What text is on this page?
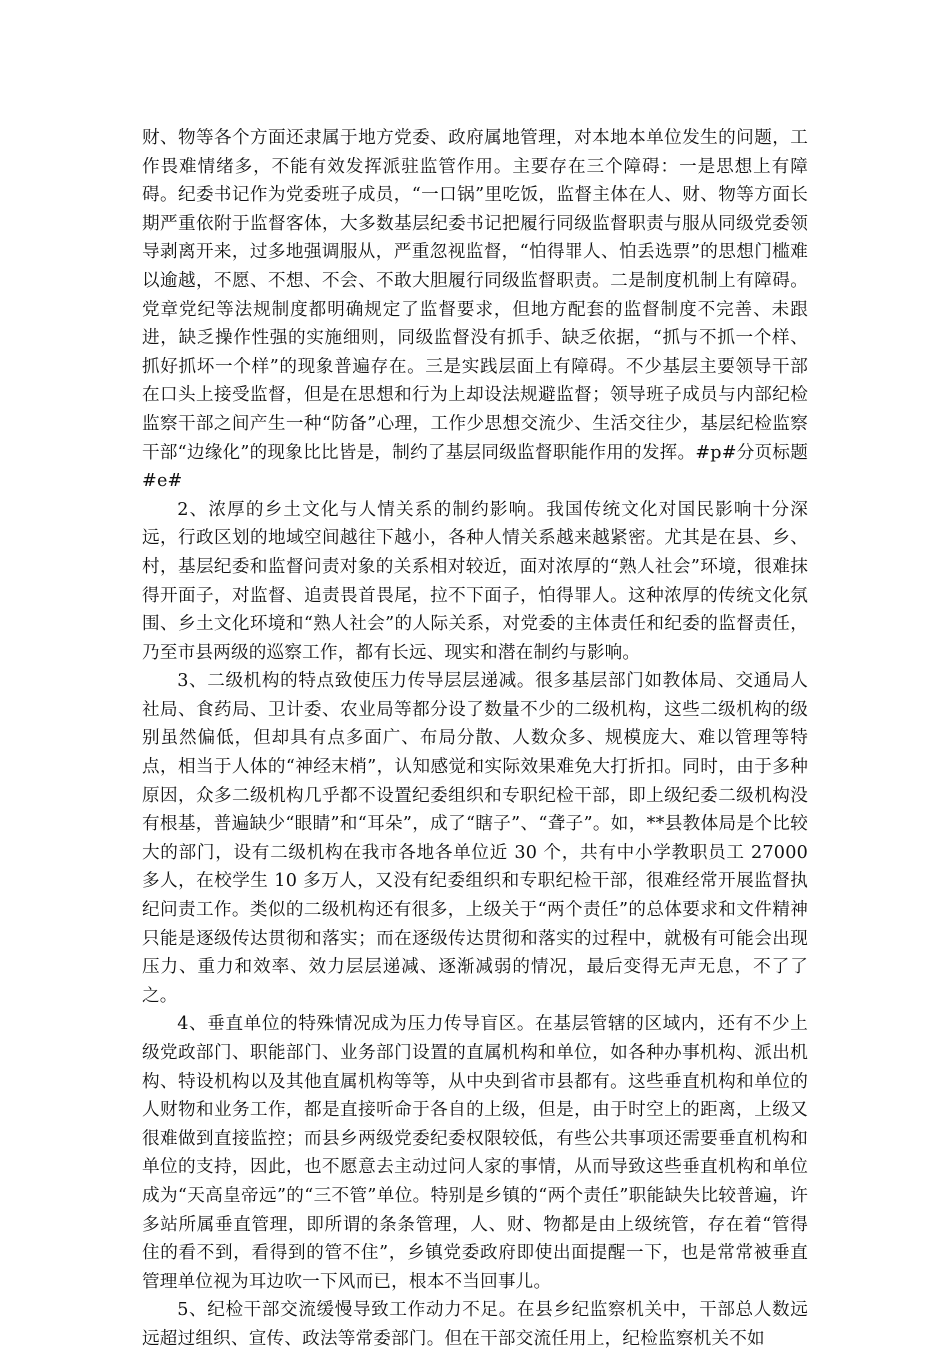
财、物等各个方面还隶属于地方党委、政府属地管理，对本地本单位发生的问题，工作畏难情绪多，不能有效发挥派驻监管作用。主要存在三个障碍：一是思想上有障碍。纪委书记作为党委班子成员，“一口锅”里吃饭，监督主体在人、财、物等方面长期严重依附于监督客体，大多数基层纪委书记把履行同级监督职责与服从同级党委领导剥离开来，过多地强调服从，严重忽视监督，“怕得罪人、怕丢选票”的思想门槛难以逾越，不愿、不想、不会、不敢大胆履行同级监督职责。二是制度机制上有障碍。党章党纪等法规制度都明确规定了监督要求，但地方配套的监督制度不完善、未跟进，缺乏操作性强的实施细则，同级监督没有抓手、缺乏依据，“抓与不抓一个样、抓好抓坏一个样”的现象普遍存在。三是实践层面上有障碍。不少基层主要领导干部在口头上接受监督，但是在思想和行为上却设法规避监督；领导班子成员与内部纪检监察干部之间产生一种“防备”心理，工作少思想交流少、生活交往少，基层纪检监察干部“边缘化”的现象比比皆是，制约了基层同级监督职能作用的发挥。#p#分页标题#e#

2、浓厚的乡土文化与人情关系的制约影响。我国传统文化对国民影响十分深远，行政区划的地域空间越往下越小，各种人情关系越来越紧密。尤其是在县、乡、村，基层纪委和监督问责对象的关系相对较近，面对浓厚的“熟人社会”环境，很难抹得开面子，对监督、追责畏首畏尾，拉不下面子，怕得罪人。这种浓厚的传统文化氛围、乡土文化环境和“熟人社会”的人际关系，对党委的主体责任和纪委的监督责任，乃至市县两级的巡察工作，都有长远、现实和潜在制约与影响。

3、二级机构的特点致使压力传导层层递减。很多基层部门如教体局、交通局人社局、食药局、卫计委、农业局等都分设了数量不少的二级机构，这些二级机构的级别虽然偏低，但却具有点多面广、布局分散、人数众多、规模庞大、难以管理等特点，相当于人体的“神经末梢”，认知感觉和实际效果难免大打折扣。同时，由于多种原因，众多二级机构几乎都不设置纪委组织和专职纪检干部，即上级纪委二级机构没有根基，普遍缺少“眼睛”和“耳朵”，成了“瞎子”、“聋子”。如，**县教体局是个比较大的部门，设有二级机构在我市各地各单位近 30 个，共有中小学教职员工 27000 多人，在校学生 10 多万人，又没有纪委组织和专职纪检干部，很难经常开展监督执纪问责工作。类似的二级机构还有很多，上级关于“两个责任”的总体要求和文件精神只能是逐级传达贯彻和落实；而在逐级传达贯彻和落实的过程中，就极有可能会出现压力、重力和效率、效力层层递减、逐渐减弱的情况，最后变得无声无息，不了了之。

4、垂直单位的特殊情况成为压力传导盲区。在基层管辖的区域内，还有不少上级党政部门、职能部门、业务部门设置的直属机构和单位，如各种办事机构、派出机构、特设机构以及其他直属机构等等，从中央到省市县都有。这些垂直机构和单位的人财物和业务工作，都是直接听命于各自的上级，但是，由于时空上的距离，上级又很难做到直接监控；而县乡两级党委纪委权限较低，有些公共事项还需要垂直机构和单位的支持，因此，也不愿意去主动过问人家的事情，从而导致这些垂直机构和单位成为“天高皇帝远”的“三不管”单位。特别是乡镇的“两个责任”职能缺失比较普遍，许多站所属垂直管理，即所谓的条条管理，人、财、物都是由上级统管，存在着“管得住的看不到，看得到的管不住”，乡镇党委政府即使出面提醒一下，也是常常被垂直管理单位视为耳边吹一下风而已，根本不当回事儿。

5、纪检干部交流缓慢导致工作动力不足。在县乡纪监察机关中，干部总人数远远超过组织、宣传、政法等常委部门。但在干部交流任用上，纪检监察机关不如
